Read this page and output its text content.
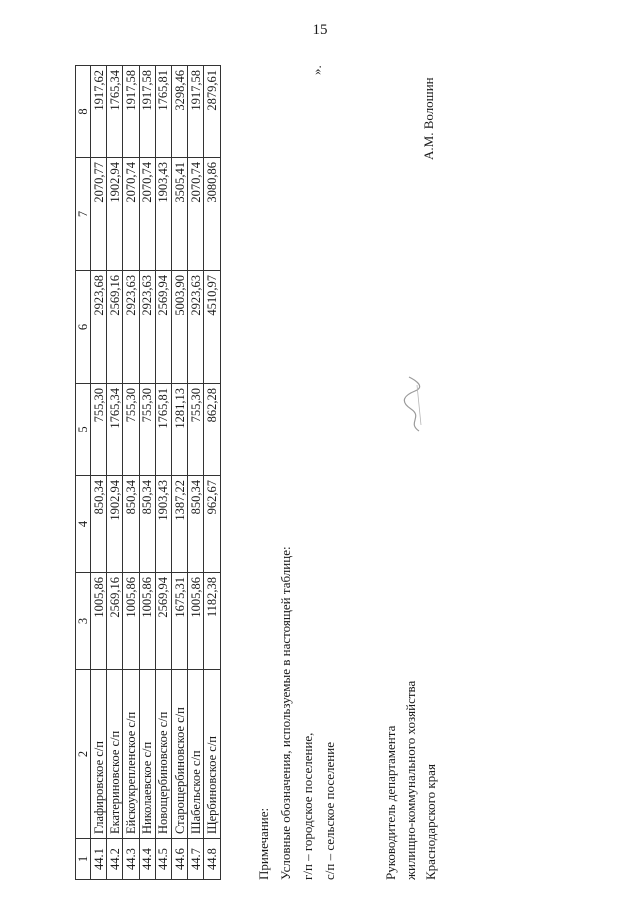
15
1	2	3	4	5	6	7	8
44.1	Глафировское с/п	1005,86	850,34	755,30	2923,68	2070,77	1917,62
44.2	Екатериновское с/п	2569,16	1902,94	1765,34	2569,16	1902,94	1765,34
44.3	Ейскоукрепленское с/п	1005,86	850,34	755,30	2923,63	2070,74	1917,58
44.4	Николаевское с/п	1005,86	850,34	755,30	2923,63	2070,74	1917,58
44.5	Новощербиновское с/п	2569,94	1903,43	1765,81	2569,94	1903,43	1765,81
44.6	Старощербиновское с/п	1675,31	1387,22	1281,13	5003,90	3505,41	3298,46
44.7	Шабельское с/п	1005,86	850,34	755,30	2923,63	2070,74	1917,58
44.8	Щербиновское с/п	1182,38	962,67	862,28	4510,97	3080,86	2879,61
Примечание: Условные обозначения, используемые в настоящей таблице: г/п – городское поселение, с/п – сельское поселение
».
Руководитель департамента жилищно-коммунального хозяйства Краснодарского края
А.М. Волошин
